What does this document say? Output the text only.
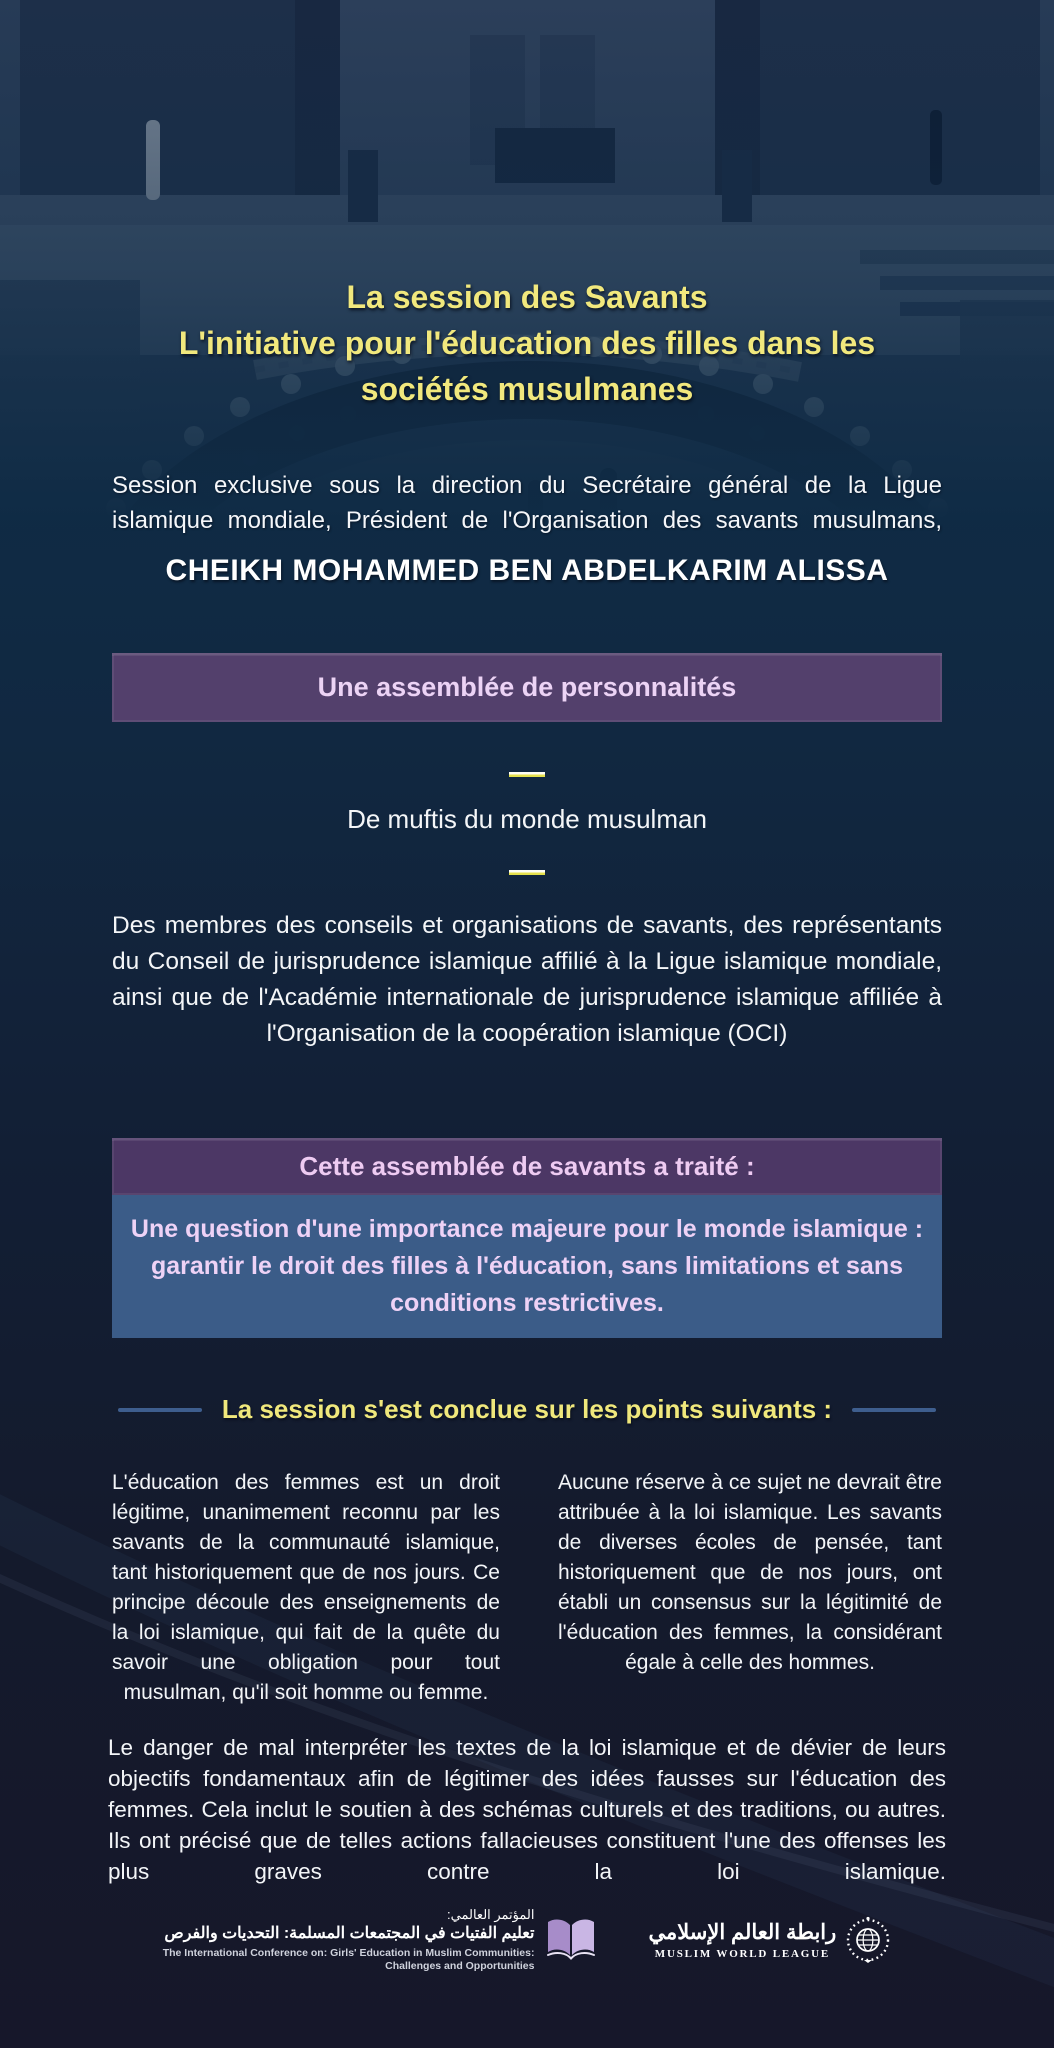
La session des Savants
L'initiative pour l'éducation des filles dans les
sociétés musulmanes

Session exclusive sous la direction du Secrétaire général de la Ligue islamique mondiale, Président de l'Organisation des savants musulmans,

CHEIKH MOHAMMED BEN ABDELKARIM ALISSA
Une assemblée de personnalités
De muftis du monde musulman

Des membres des conseils et organisations de savants, des représentants du Conseil de jurisprudence islamique affilié à la Ligue islamique mondiale, ainsi que de l'Académie internationale de jurisprudence islamique affiliée à l'Organisation de la coopération islamique (OCI)

Cette assemblée de savants a traité :
Une question d'une importance majeure pour le monde islamique : garantir le droit des filles à l'éducation, sans limitations et sans conditions restrictives.
La session s'est conclue sur les points suivants :

L'éducation des femmes est un droit légitime, unanimement reconnu par les savants de la communauté islamique, tant historiquement que de nos jours. Ce principe découle des enseignements de la loi islamique, qui fait de la quête du savoir une obligation pour tout musulman, qu'il soit homme ou femme.

Aucune réserve à ce sujet ne devrait être attribuée à la loi islamique. Les savants de diverses écoles de pensée, tant historiquement que de nos jours, ont établi un consensus sur la légitimité de l'éducation des femmes, la considérant égale à celle des hommes.

Le danger de mal interpréter les textes de la loi islamique et de dévier de leurs objectifs fondamentaux afin de légitimer des idées fausses sur l'éducation des femmes. Cela inclut le soutien à des schémas culturels et des traditions, ou autres. Ils ont précisé que de telles actions fallacieuses constituent l'une des offenses les plus graves contre la loi islamique.

المؤتمر العالمي:
تعليم الفتيات في المجتمعات المسلمة: التحديات والفرص
The International Conference on: Girls' Education in Muslim Communities:
Challenges and Opportunities
رابطة العالم الإسلامي
MUSLIM WORLD LEAGUE
